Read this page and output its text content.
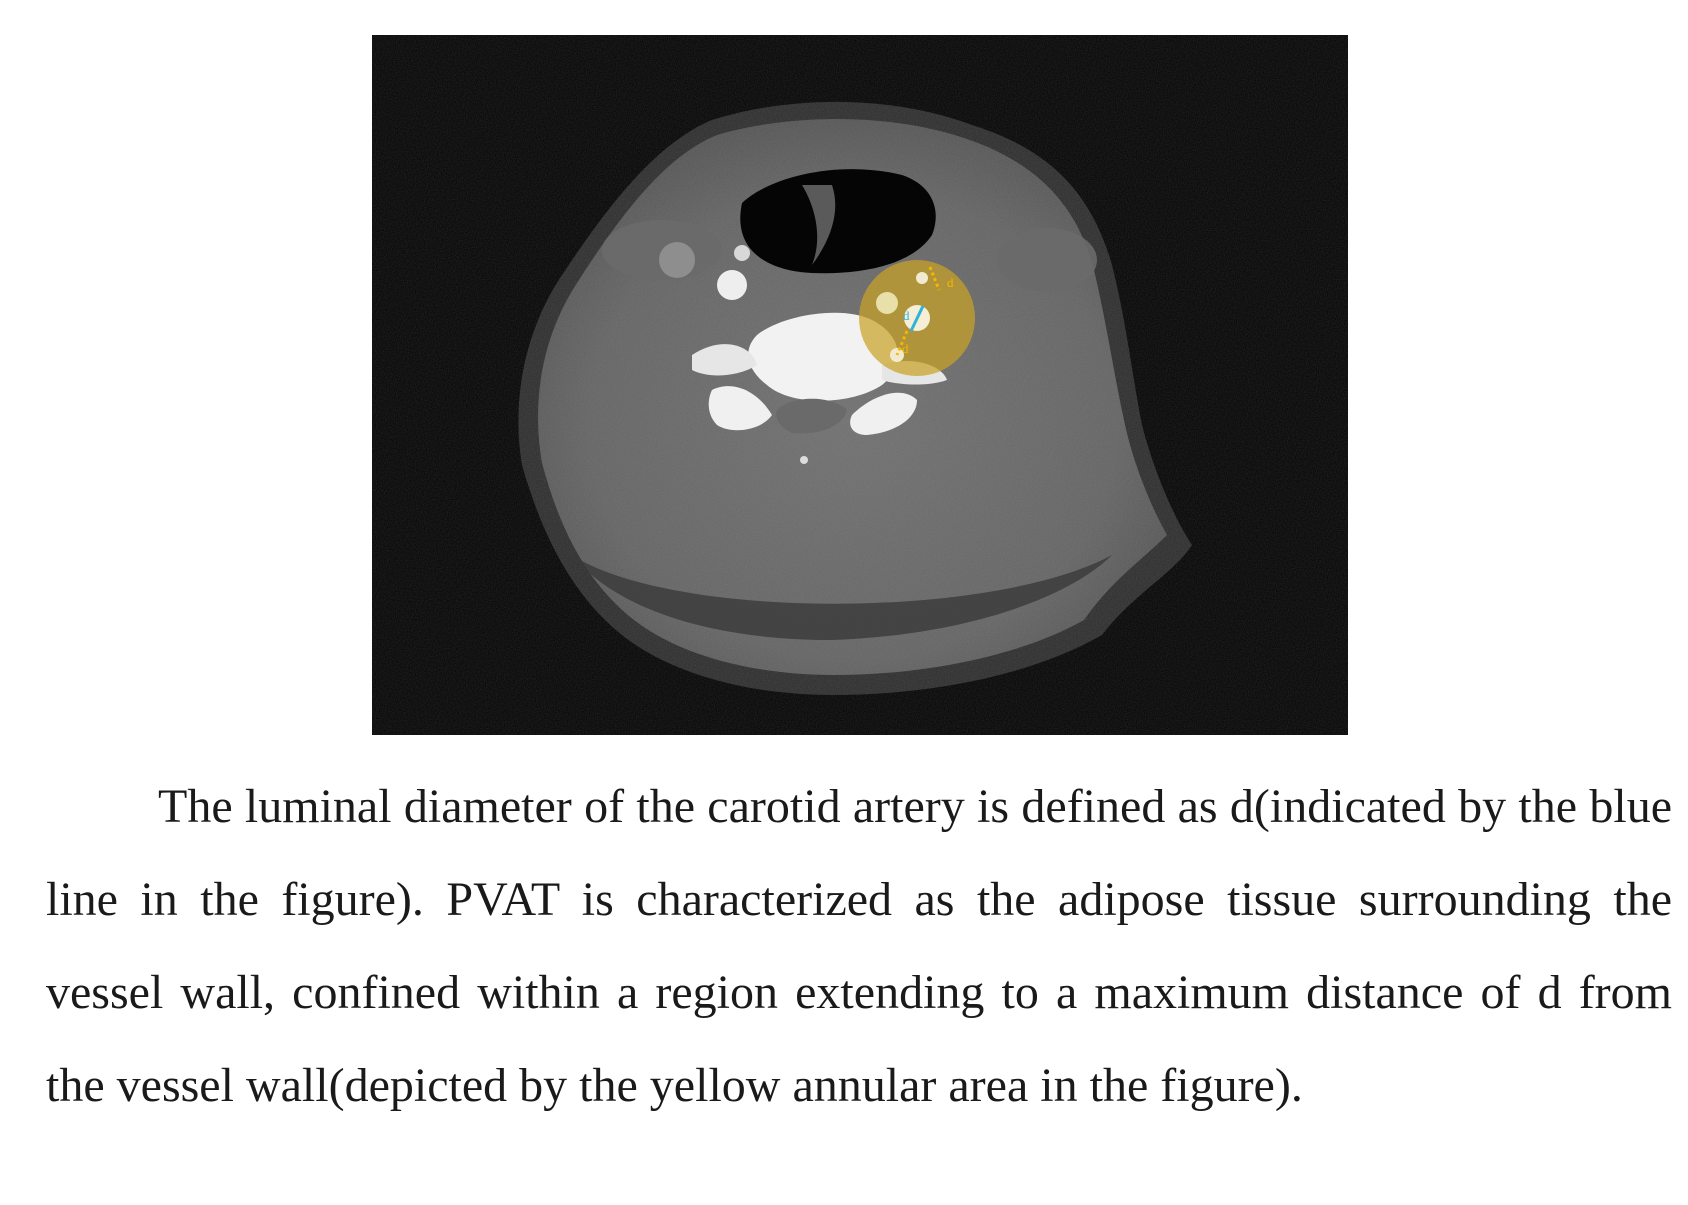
d
d
d

The luminal diameter of the carotid artery is defined as d(indicated by the blue line in the figure). PVAT is characterized as the adipose tissue surrounding the vessel wall, confined within a region extending to a maximum distance of d from the vessel wall(depicted by the yellow annular area in the figure).
